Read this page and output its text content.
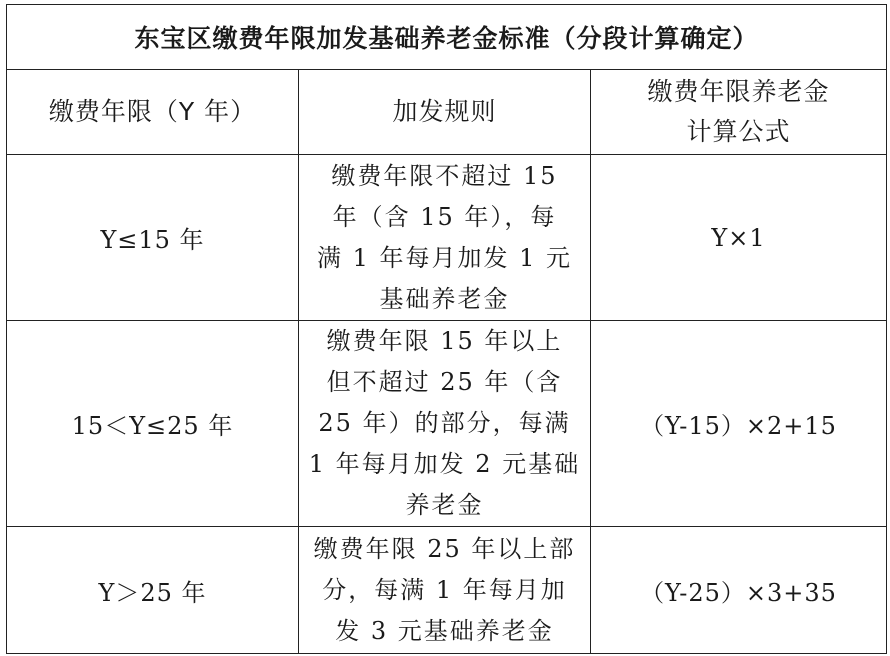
东宝区缴费年限加发基础养老金标准（分段计算确定）		
缴费年限（Y 年）	加发规则	缴费年限养老金
计算公式

Y≤15 年	缴费年限不超过 15
年（含 15 年），每
满 1 年每月加发 1 元
基础养老金	Y×1
15＜Y≤25 年	缴费年限 15 年以上
但不超过 25 年（含
25 年）的部分，每满
1 年每月加发 2 元基础
养老金	（Y-15）×2+15
Y＞25 年	缴费年限 25 年以上部
分，每满 1 年每月加
发 3 元基础养老金	（Y-25）×3+35
